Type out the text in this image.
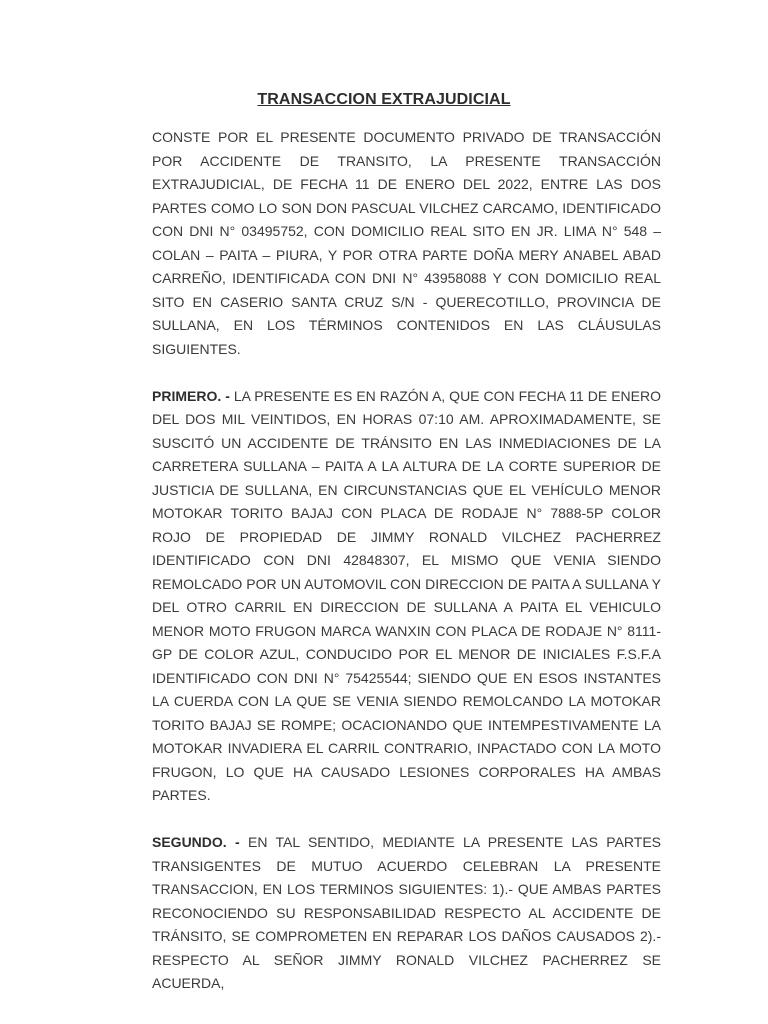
TRANSACCION EXTRAJUDICIAL

CONSTE POR EL PRESENTE DOCUMENTO PRIVADO DE TRANSACCIÓN POR ACCIDENTE DE TRANSITO, LA PRESENTE TRANSACCIÓN EXTRAJUDICIAL, DE FECHA 11 DE ENERO DEL 2022, ENTRE LAS DOS PARTES COMO LO SON DON PASCUAL VILCHEZ CARCAMO, IDENTIFICADO CON DNI N° 03495752, CON DOMICILIO REAL SITO EN JR. LIMA N° 548 – COLAN – PAITA – PIURA, Y POR OTRA PARTE DOÑA MERY ANABEL ABAD CARREÑO, IDENTIFICADA CON DNI N° 43958088 Y CON DOMICILIO REAL SITO EN CASERIO SANTA CRUZ S/N - QUERECOTILLO, PROVINCIA DE SULLANA, EN LOS TÉRMINOS CONTENIDOS EN LAS CLÁUSULAS SIGUIENTES.

PRIMERO. - LA PRESENTE ES EN RAZÓN A, QUE CON FECHA 11 DE ENERO DEL DOS MIL VEINTIDOS, EN HORAS 07:10 AM. APROXIMADAMENTE, SE SUSCITÓ UN ACCIDENTE DE TRÁNSITO EN LAS INMEDIACIONES DE LA CARRETERA SULLANA – PAITA A LA ALTURA DE LA CORTE SUPERIOR DE JUSTICIA DE SULLANA, EN CIRCUNSTANCIAS QUE EL VEHÍCULO MENOR MOTOKAR TORITO BAJAJ CON PLACA DE RODAJE N° 7888-5P COLOR ROJO DE PROPIEDAD DE JIMMY RONALD VILCHEZ PACHERREZ IDENTIFICADO CON DNI 42848307, EL MISMO QUE VENIA SIENDO REMOLCADO POR UN AUTOMOVIL CON DIRECCION DE PAITA A SULLANA Y DEL OTRO CARRIL EN DIRECCION DE SULLANA A PAITA EL VEHICULO MENOR MOTO FRUGON MARCA WANXIN CON PLACA DE RODAJE N° 8111-GP DE COLOR AZUL, CONDUCIDO POR EL MENOR DE INICIALES F.S.F.A IDENTIFICADO CON DNI N° 75425544; SIENDO QUE EN ESOS INSTANTES LA CUERDA CON LA QUE SE VENIA SIENDO REMOLCANDO LA MOTOKAR TORITO BAJAJ SE ROMPE; OCACIONANDO QUE INTEMPESTIVAMENTE LA MOTOKAR INVADIERA EL CARRIL CONTRARIO, INPACTADO CON LA MOTO FRUGON, LO QUE HA CAUSADO LESIONES CORPORALES HA AMBAS PARTES.

SEGUNDO. - EN TAL SENTIDO, MEDIANTE LA PRESENTE LAS PARTES TRANSIGENTES DE MUTUO ACUERDO CELEBRAN LA PRESENTE TRANSACCION, EN LOS TERMINOS SIGUIENTES: 1).- QUE AMBAS PARTES RECONOCIENDO SU RESPONSABILIDAD RESPECTO AL ACCIDENTE DE TRÁNSITO, SE COMPROMETEN EN REPARAR LOS DAÑOS CAUSADOS 2).- RESPECTO AL SEÑOR JIMMY RONALD VILCHEZ PACHERREZ SE ACUERDA,
